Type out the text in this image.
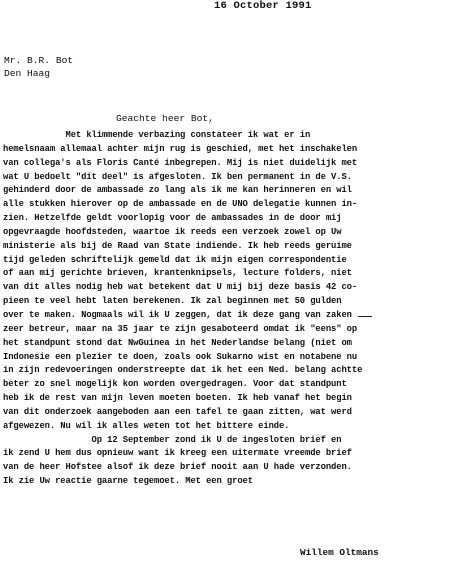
16 October 1991
Mr. B.R. Bot
Den Haag
Geachte heer Bot,
Met klimmende verbazing constateer ik wat er in
hemelsnaam allemaal achter mijn rug is geschied, met het inschakelen
van collega's als Floris Canté inbegrepen. Mij is niet duidelijk met
wat U bedoelt "dit deel" is afgesloten. Ik ben permanent in de V.S.
gehinderd door de ambassade zo lang als ik me kan herinneren en wil
alle stukken hierover op de ambassade en de UNO delegatie kunnen in-
zien. Hetzelfde geldt voorlopig voor de ambassades in de door mij
opgevraagde hoofdsteden, waartoe ik reeds een verzoek zowel op Uw
ministerie als bij de Raad van State indiende. Ik heb reeds geruime
tijd geleden schriftelijk gemeld dat ik mijn eigen correspondentie
of aan mij gerichte brieven, krantenknipsels, lecture folders, niet
van dit alles nodig heb wat betekent dat U mij bij deze basis 42 co-
pieen te veel hebt laten berekenen. Ik zal beginnen met 50 gulden
over te maken. Nogmaals wil ik U zeggen, dat ik deze gang van zaken
zeer betreur, maar na 35 jaar te zijn gesaboteerd omdat ik "eens" op
het standpunt stond dat NwGuinea in het Nederlandse belang (niet om
Indonesie een plezier te doen, zoals ook Sukarno wist en notabene nu
in zijn redevoeringen onderstreepte dat ik het een Ned. belang achtte
beter zo snel mogelijk kon worden overgedragen. Voor dat standpunt
heb ik de rest van mijn leven moeten boeten. Ik heb vanaf het begin
van dit onderzoek aangeboden aan een tafel te gaan zitten, wat werd
afgewezen. Nu wil ik alles weten tot het bittere einde.
Op 12 September zond ik U de ingesloten brief en
ik zend U hem dus opnieuw want ik kreeg een uitermate vreemde brief
van de heer Hofstee alsof ik deze brief nooit aan U hade verzonden.
Ik zie Uw reactie gaarne tegemoet. Met een groet
Willem Oltmans
